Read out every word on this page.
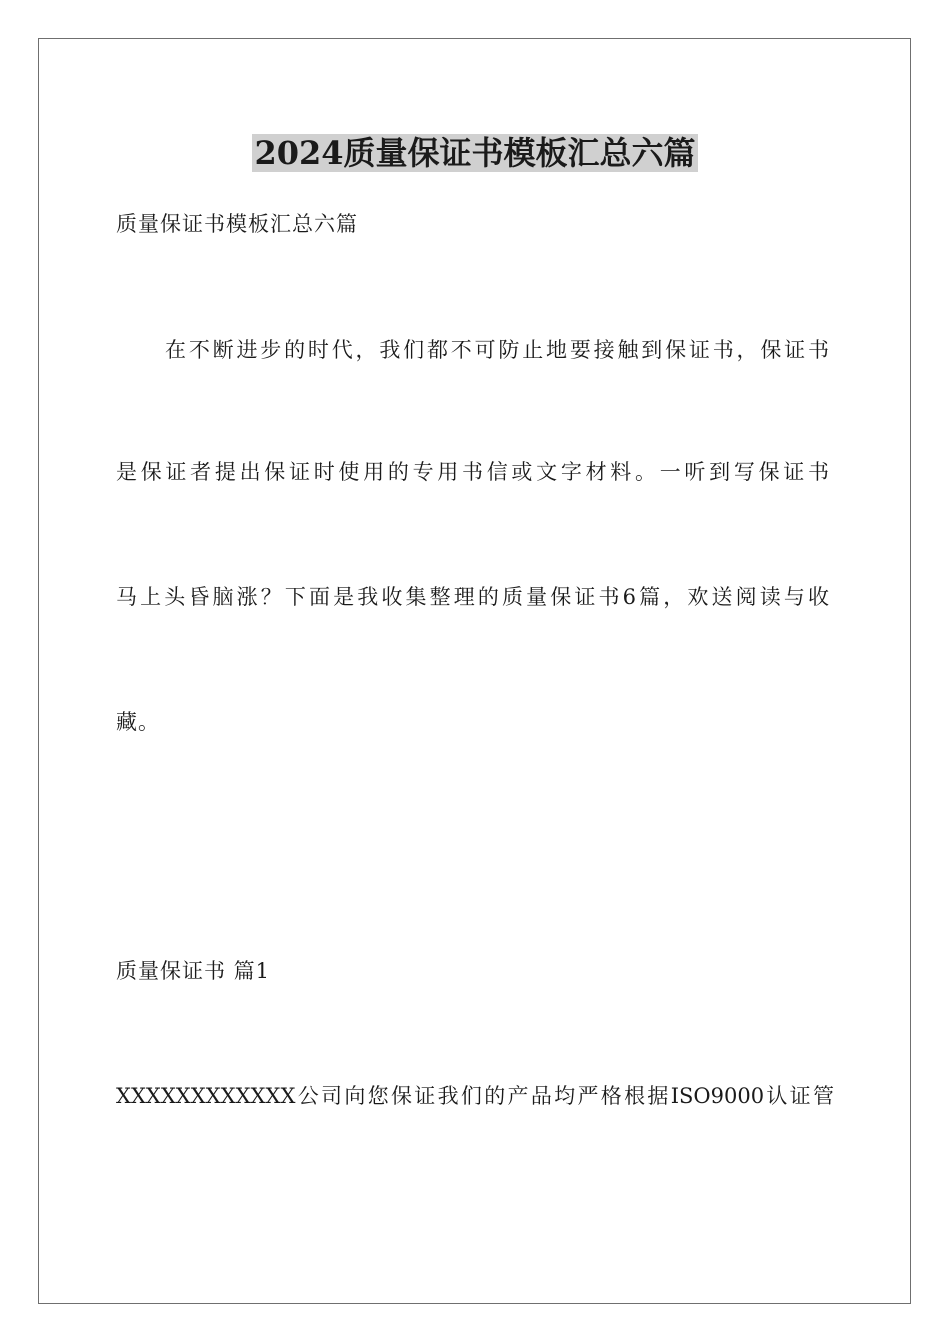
2024质量保证书模板汇总六篇
质量保证书模板汇总六篇
在不断进步的时代，我们都不可防止地要接触到保证书，保证书
是保证者提出保证时使用的专用书信或文字材料。一听到写保证书
马上头昏脑涨？下面是我收集整理的质量保证书6篇，欢送阅读与收
藏。
质量保证书 篇1
XXXXXXXXXXXX公司向您保证我们的产品均严格根据ISO9000认证管
